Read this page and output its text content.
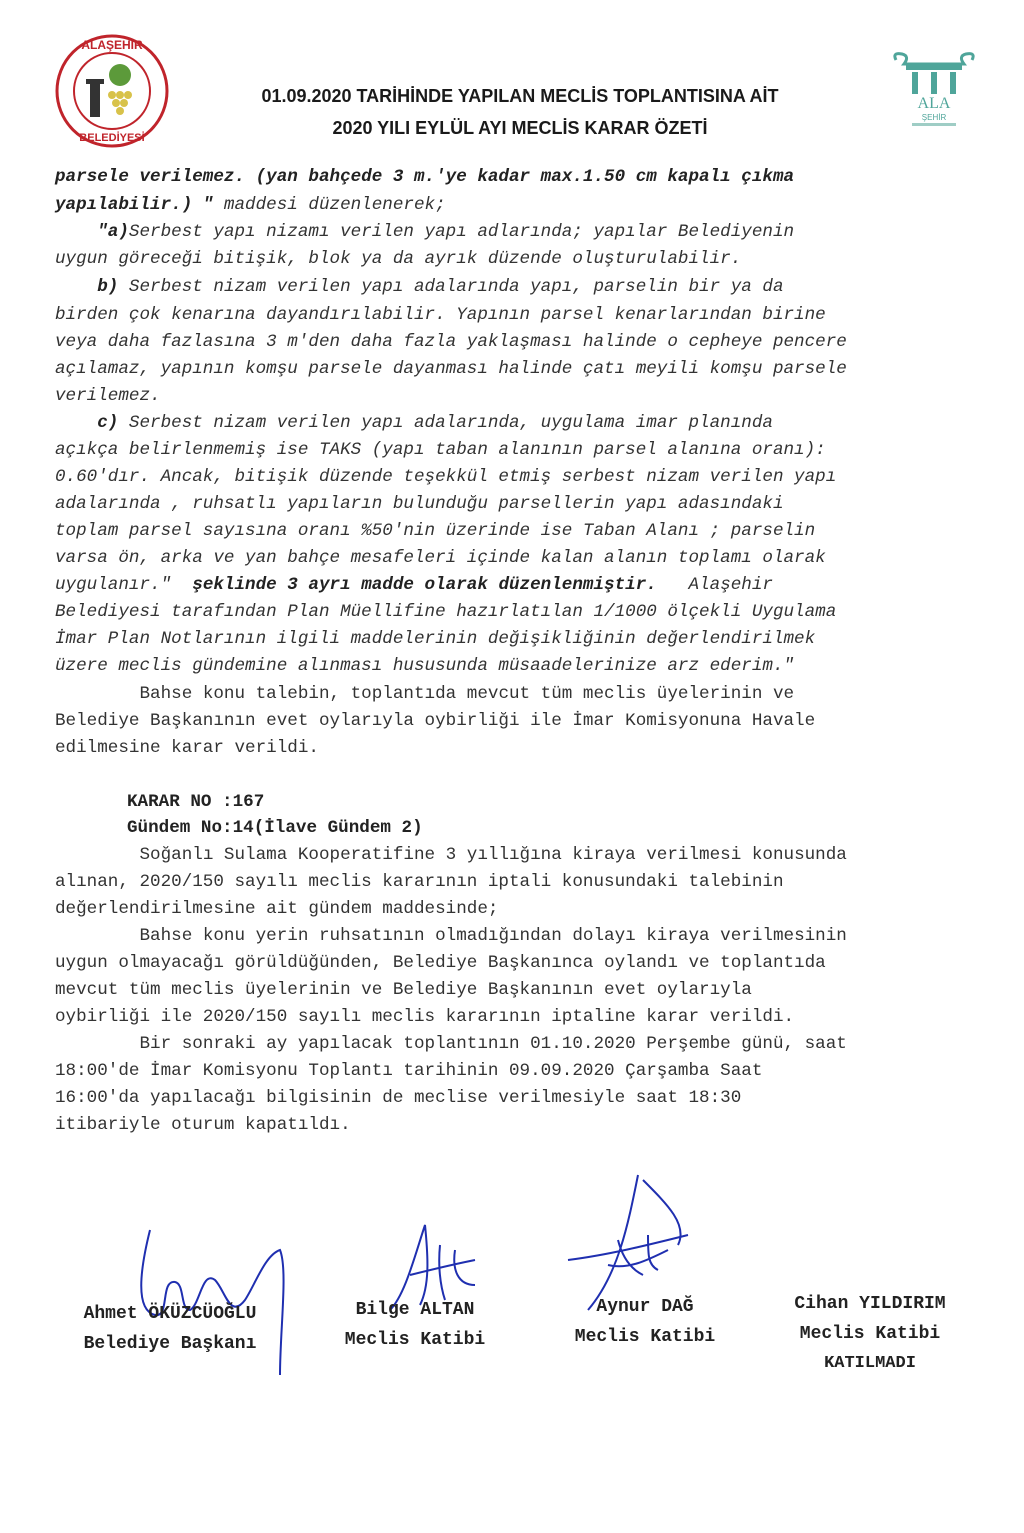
ALAŞEHİR
BELEDİYESİ
01.09.2020 TARİHİNDE YAPILAN MECLİS TOPLANTISINA AİT
2020 YILI EYLÜL AYI MECLİS KARAR ÖZETİ
ALA
ŞEHİR
parsele verilemez. (yan bahçede 3 m.'ye kadar max.1.50 cm kapalı çıkma
yapılabilir.) " maddesi düzenlenerek;
"a)Serbest yapı nizamı verilen yapı adlarında; yapılar Belediyenin
uygun göreceği bitişik, blok ya da ayrık düzende oluşturulabilir.
b) Serbest nizam verilen yapı adalarında yapı, parselin bir ya da
birden çok kenarına dayandırılabilir. Yapının parsel kenarlarından birine
veya daha fazlasına 3 m'den daha fazla yaklaşması halinde o cepheye pencere
açılamaz, yapının komşu parsele dayanması halinde çatı meyili komşu parsele
verilemez.
c) Serbest nizam verilen yapı adalarında, uygulama imar planında
açıkça belirlenmemiş ise TAKS (yapı taban alanının parsel alanına oranı):
0.60'dır. Ancak, bitişik düzende teşekkül etmiş serbest nizam verilen yapı
adalarında , ruhsatlı yapıların bulunduğu parsellerin yapı adasındaki
toplam parsel sayısına oranı %50'nin üzerinde ise Taban Alanı ; parselin
varsa ön, arka ve yan bahçe mesafeleri içinde kalan alanın toplamı olarak
uygulanır." şeklinde 3 ayrı madde olarak düzenlenmiştir. Alaşehir
Belediyesi tarafından Plan Müellifine hazırlatılan 1/1000 ölçekli Uygulama
İmar Plan Notlarının ilgili maddelerinin değişikliğinin değerlendirilmek
üzere meclis gündemine alınması hususunda müsaadelerinize arz ederim."
Bahse konu talebin, toplantıda mevcut tüm meclis üyelerinin ve
Belediye Başkanının evet oylarıyla oybirliği ile İmar Komisyonuna Havale
edilmesine karar verildi.
KARAR NO :167
Gündem No:14(İlave Gündem 2)
Soğanlı Sulama Kooperatifine 3 yıllığına kiraya verilmesi konusunda
alınan, 2020/150 sayılı meclis kararının iptali konusundaki talebinin
değerlendirilmesine ait gündem maddesinde;
Bahse konu yerin ruhsatının olmadığından dolayı kiraya verilmesinin
uygun olmayacağı görüldüğünden, Belediye Başkanınca oylandı ve toplantıda
mevcut tüm meclis üyelerinin ve Belediye Başkanının evet oylarıyla
oybirliği ile 2020/150 sayılı meclis kararının iptaline karar verildi.
Bir sonraki ay yapılacak toplantının 01.10.2020 Perşembe günü, saat
18:00'de İmar Komisyonu Toplantı tarihinin 09.09.2020 Çarşamba Saat
16:00'da yapılacağı bilgisinin de meclise verilmesiyle saat 18:30
itibariyle oturum kapatıldı.
Ahmet ÖKÜZCÜOĞLU
Belediye Başkanı
Bilge ALTAN
Meclis Katibi
Aynur DAĞ
Meclis Katibi
Cihan YILDIRIM
Meclis Katibi
KATILMADI
